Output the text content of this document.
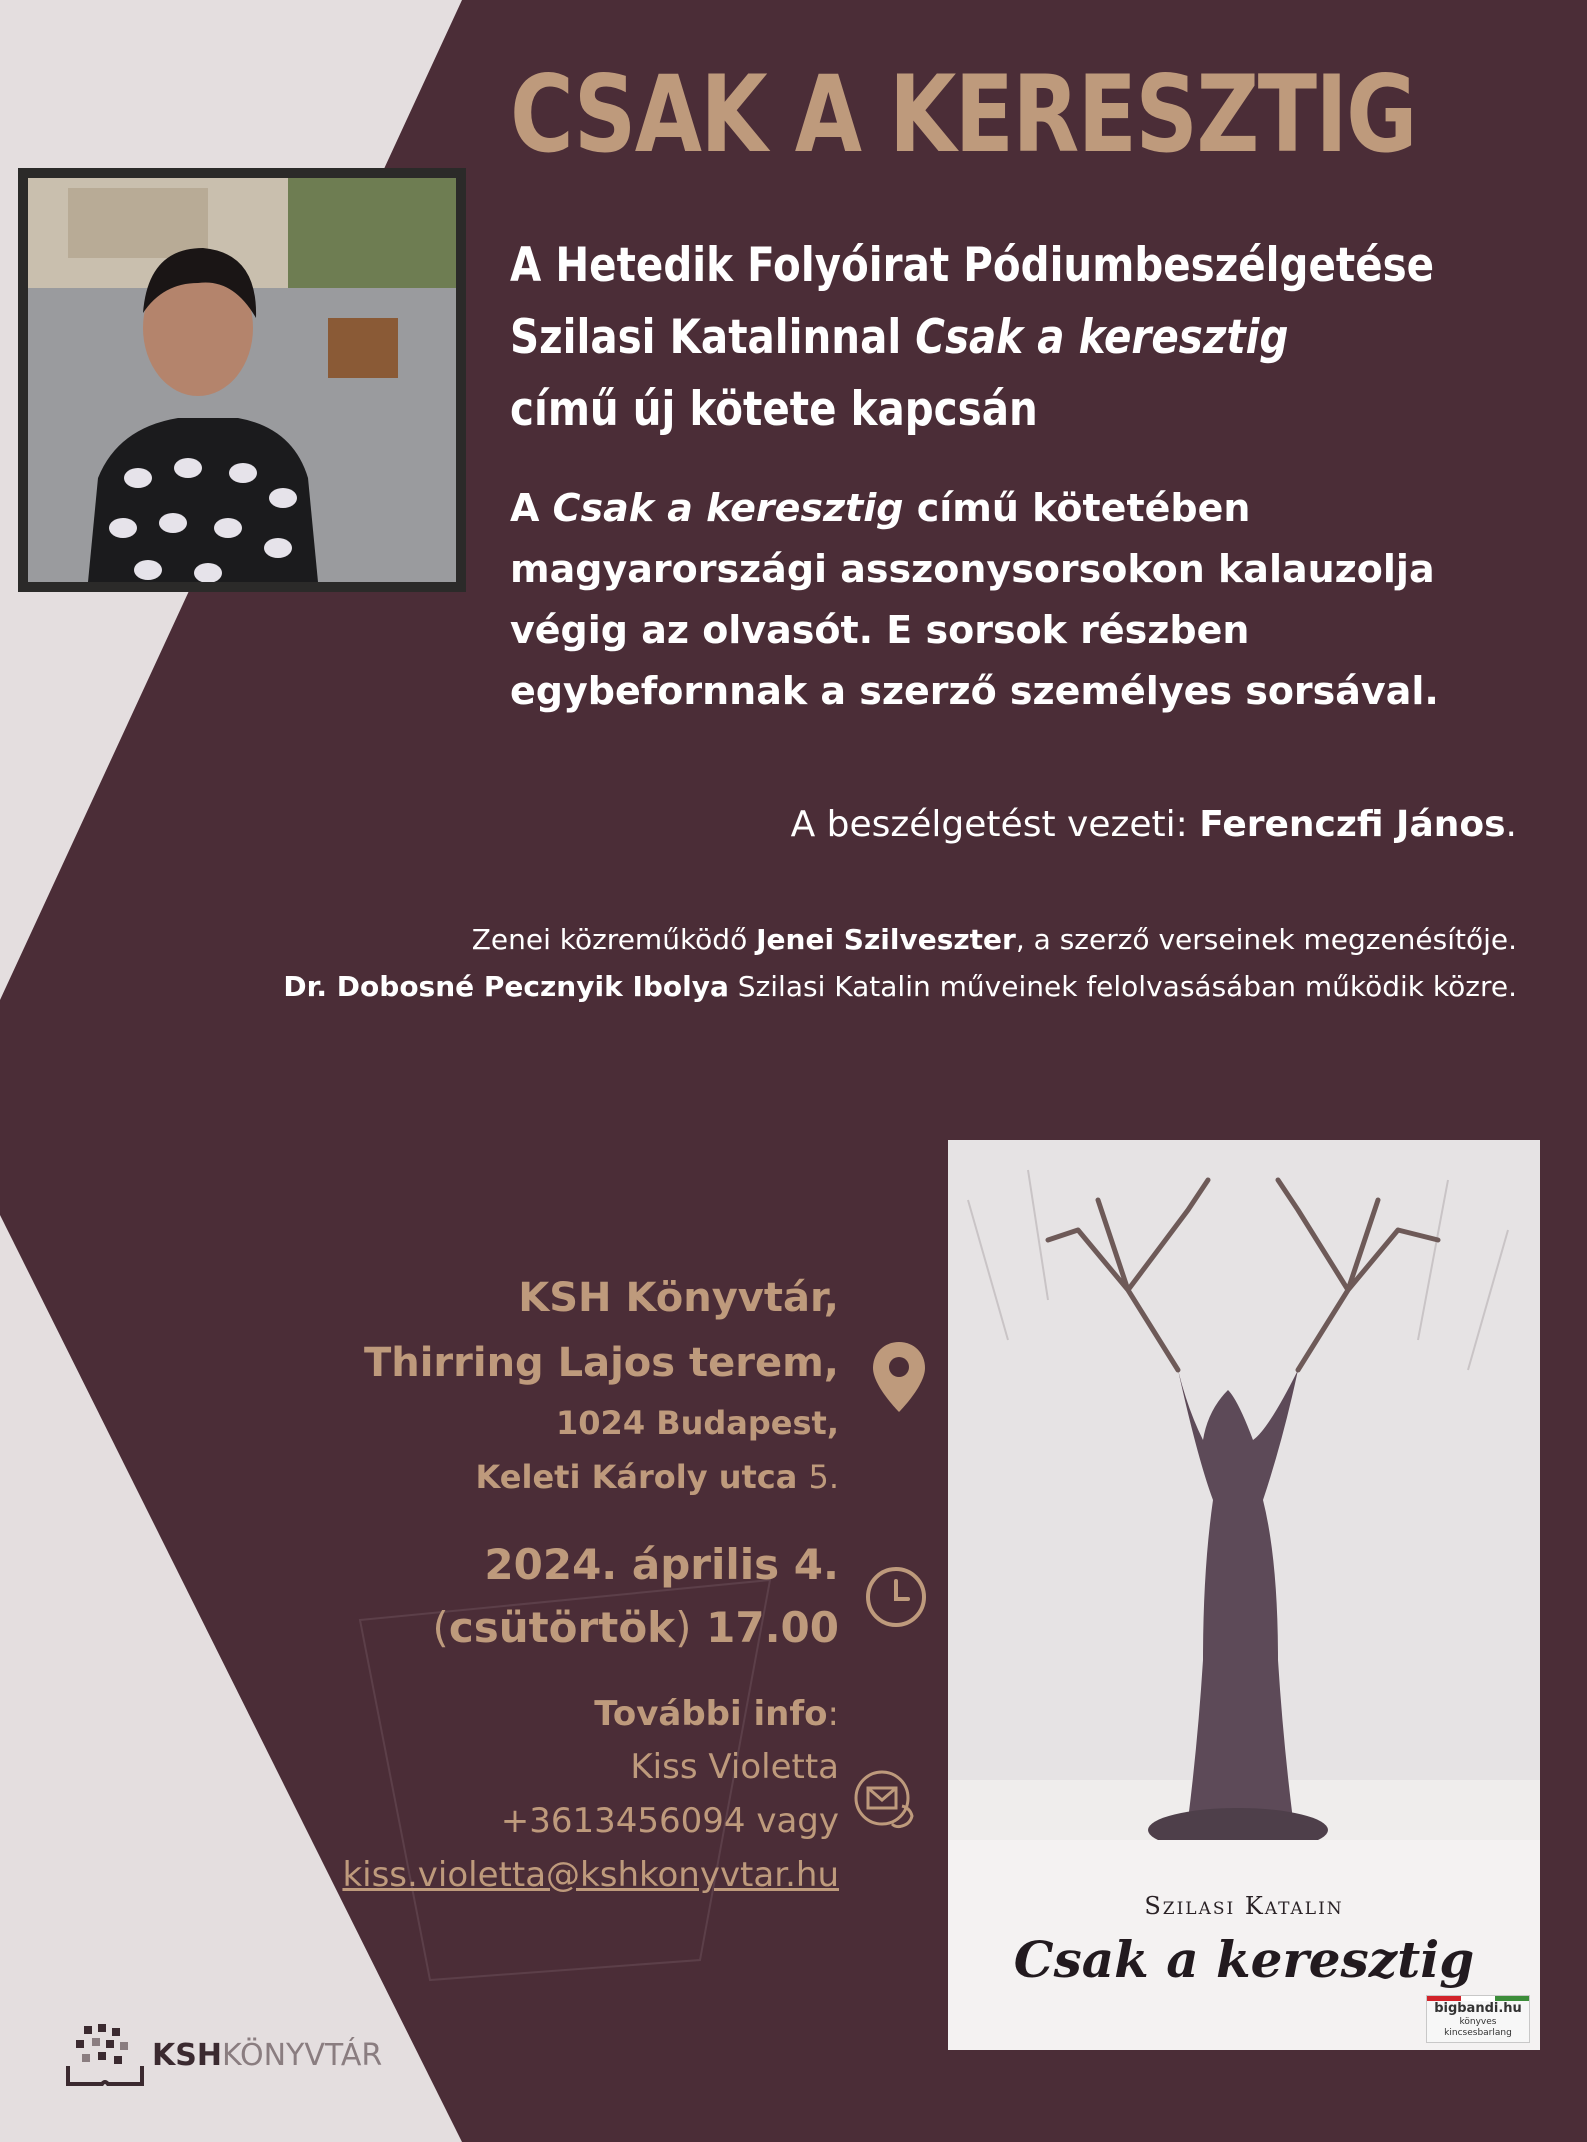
CSAK A KERESZTIG
A Hetedik Folyóirat Pódiumbeszélgetése
Szilasi Katalinnal Csak a keresztig
című új kötete kapcsán
A Csak a keresztig című kötetében magyarországi asszonysorsokon kalauzolja végig az olvasót. E sorsok részben egybefornnak a szerző személyes sorsával.
A beszélgetést vezeti: Ferenczfi János.
Zenei közreműködő Jenei Szilveszter, a szerző verseinek megzenésítője.
Dr. Dobosné Pecznyik Ibolya Szilasi Katalin műveinek felolvasásában működik közre.
KSH Könyvtár,
Thirring Lajos terem,
1024 Budapest,
Keleti Károly utca 5.
2024. április 4.
(csütörtök) 17.00
További info:
Kiss Violetta
+3613456094 vagy
kiss.violetta@kshkonyvtar.hu
Szilasi Katalin
Csak a keresztig
bigbandi.hu
könyves kincsesbarlang
KSHKÖNYVTÁR
